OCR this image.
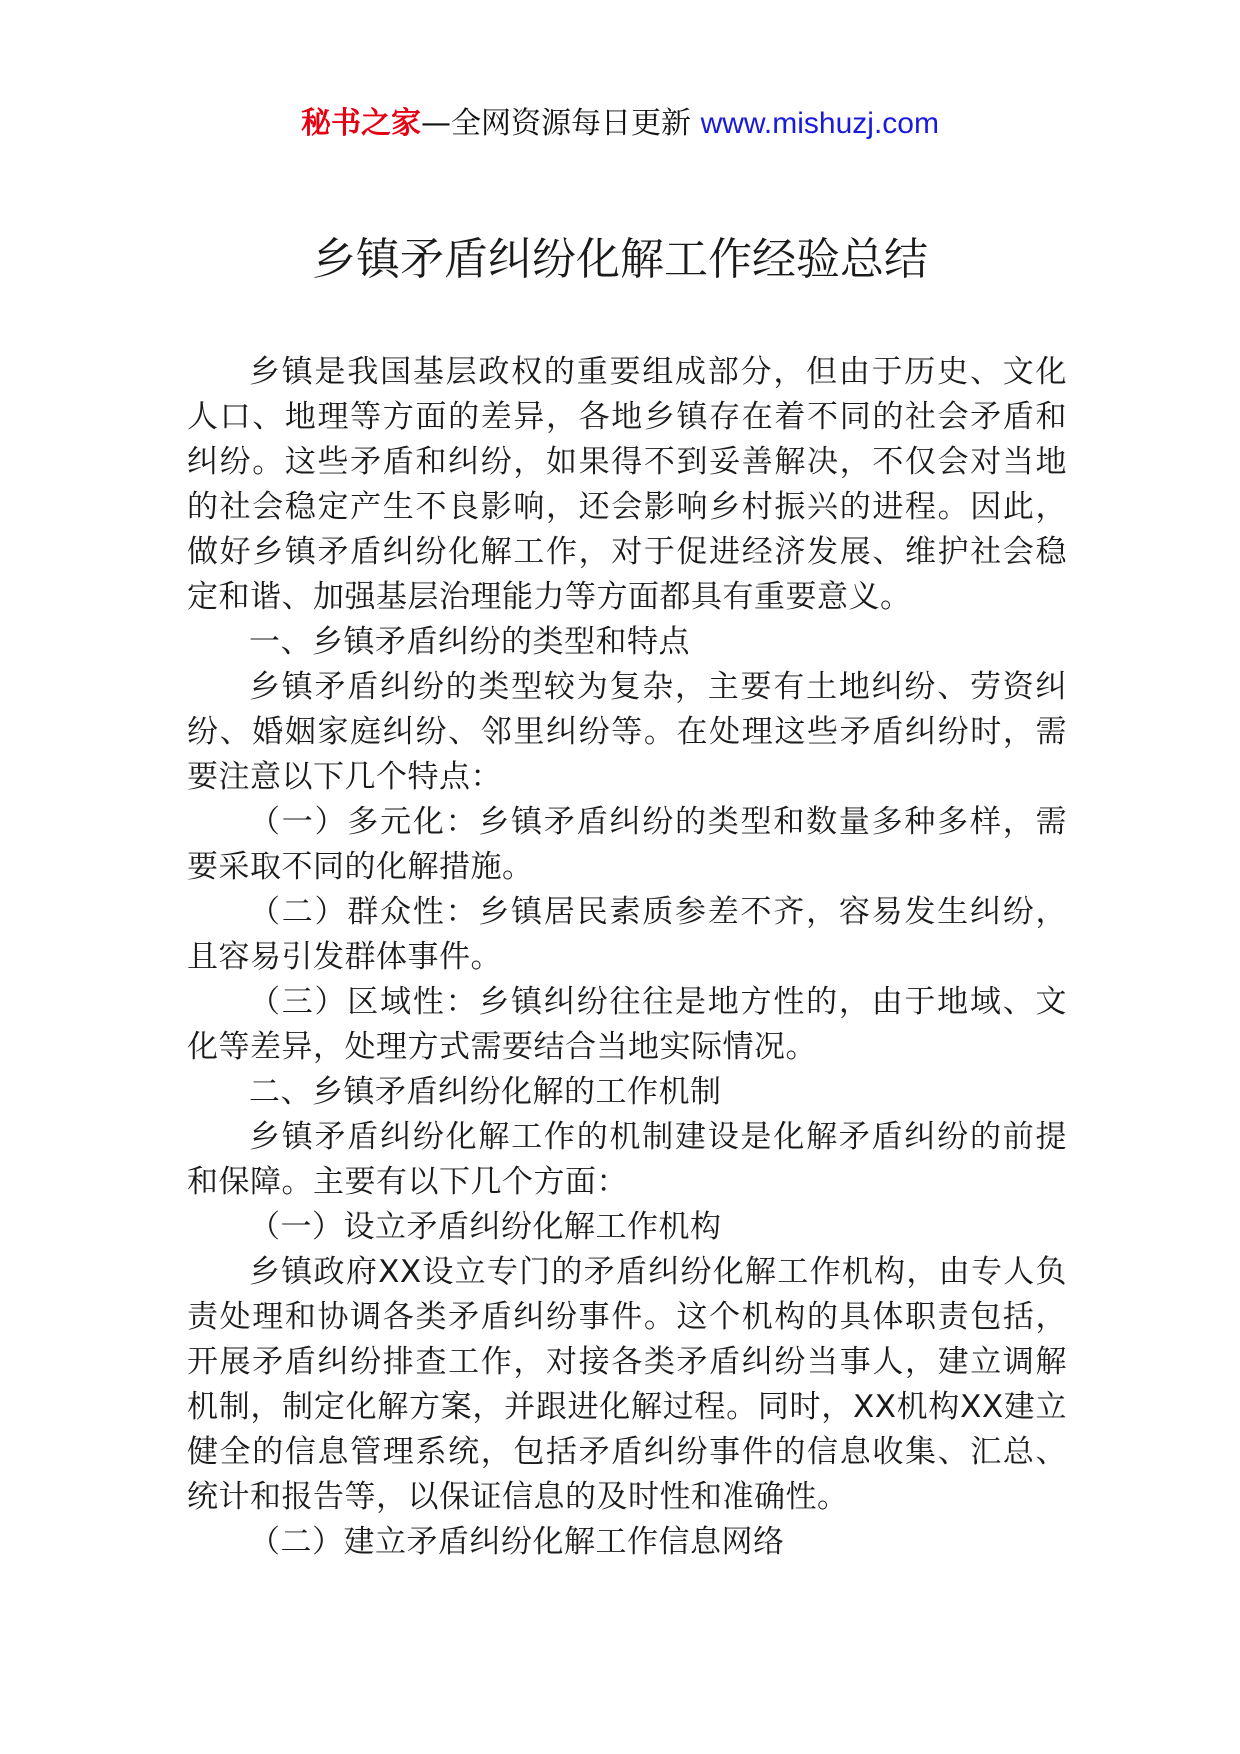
秘书之家—全网资源每日更新 www.mishuzj.com
乡镇矛盾纠纷化解工作经验总结

乡镇是我国基层政权的重要组成部分，但由于历史、文化人口、地理等方面的差异，各地乡镇存在着不同的社会矛盾和纠纷。这些矛盾和纠纷，如果得不到妥善解决，不仅会对当地的社会稳定产生不良影响，还会影响乡村振兴的进程。因此，做好乡镇矛盾纠纷化解工作，对于促进经济发展、维护社会稳定和谐、加强基层治理能力等方面都具有重要意义。

一、乡镇矛盾纠纷的类型和特点

乡镇矛盾纠纷的类型较为复杂，主要有土地纠纷、劳资纠纷、婚姻家庭纠纷、邻里纠纷等。在处理这些矛盾纠纷时，需要注意以下几个特点：

（一）多元化：乡镇矛盾纠纷的类型和数量多种多样，需要采取不同的化解措施。

（二）群众性：乡镇居民素质参差不齐，容易发生纠纷，且容易引发群体事件。

（三）区域性：乡镇纠纷往往是地方性的，由于地域、文化等差异，处理方式需要结合当地实际情况。

二、乡镇矛盾纠纷化解的工作机制

乡镇矛盾纠纷化解工作的机制建设是化解矛盾纠纷的前提和保障。主要有以下几个方面：

（一）设立矛盾纠纷化解工作机构

乡镇政府XX设立专门的矛盾纠纷化解工作机构，由专人负责处理和协调各类矛盾纠纷事件。这个机构的具体职责包括，开展矛盾纠纷排查工作，对接各类矛盾纠纷当事人，建立调解机制，制定化解方案，并跟进化解过程。同时，XX机构XX建立健全的信息管理系统，包括矛盾纠纷事件的信息收集、汇总、统计和报告等，以保证信息的及时性和准确性。

（二）建立矛盾纠纷化解工作信息网络
